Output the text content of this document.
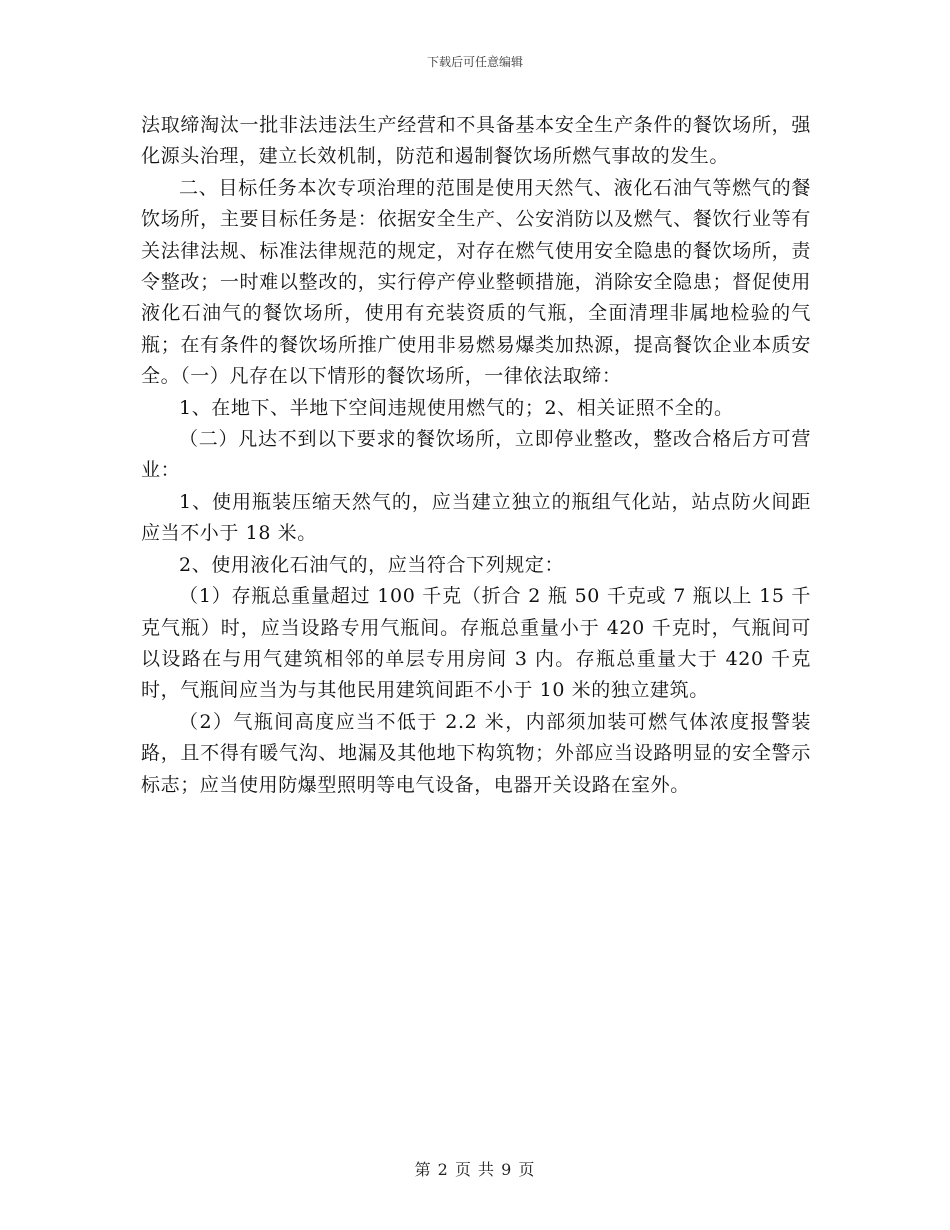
下载后可任意编辑

法取缔淘汰一批非法违法生产经营和不具备基本安全生产条件的餐饮场所，强化源头治理，建立长效机制，防范和遏制餐饮场所燃气事故的发生。

二、目标任务本次专项治理的范围是使用天然气、液化石油气等燃气的餐饮场所，主要目标任务是：依据安全生产、公安消防以及燃气、餐饮行业等有关法律法规、标准法律规范的规定，对存在燃气使用安全隐患的餐饮场所，责令整改；一时难以整改的，实行停产停业整顿措施，消除安全隐患；督促使用液化石油气的餐饮场所，使用有充装资质的气瓶，全面清理非属地检验的气瓶；在有条件的餐饮场所推广使用非易燃易爆类加热源，提高餐饮企业本质安全。（一）凡存在以下情形的餐饮场所，一律依法取缔：

1、在地下、半地下空间违规使用燃气的；2、相关证照不全的。

（二）凡达不到以下要求的餐饮场所，立即停业整改，整改合格后方可营业：

1、使用瓶装压缩天然气的，应当建立独立的瓶组气化站，站点防火间距应当不小于 18 米。

2、使用液化石油气的，应当符合下列规定：

（1）存瓶总重量超过 100 千克（折合 2 瓶 50 千克或 7 瓶以上 15 千克气瓶）时，应当设路专用气瓶间。存瓶总重量小于 420 千克时，气瓶间可以设路在与用气建筑相邻的单层专用房间 3 内。存瓶总重量大于 420 千克时，气瓶间应当为与其他民用建筑间距不小于 10 米的独立建筑。

（2）气瓶间高度应当不低于 2.2 米，内部须加装可燃气体浓度报警装路，且不得有暖气沟、地漏及其他地下构筑物；外部应当设路明显的安全警示标志；应当使用防爆型照明等电气设备，电器开关设路在室外。

第 2 页 共 9 页
